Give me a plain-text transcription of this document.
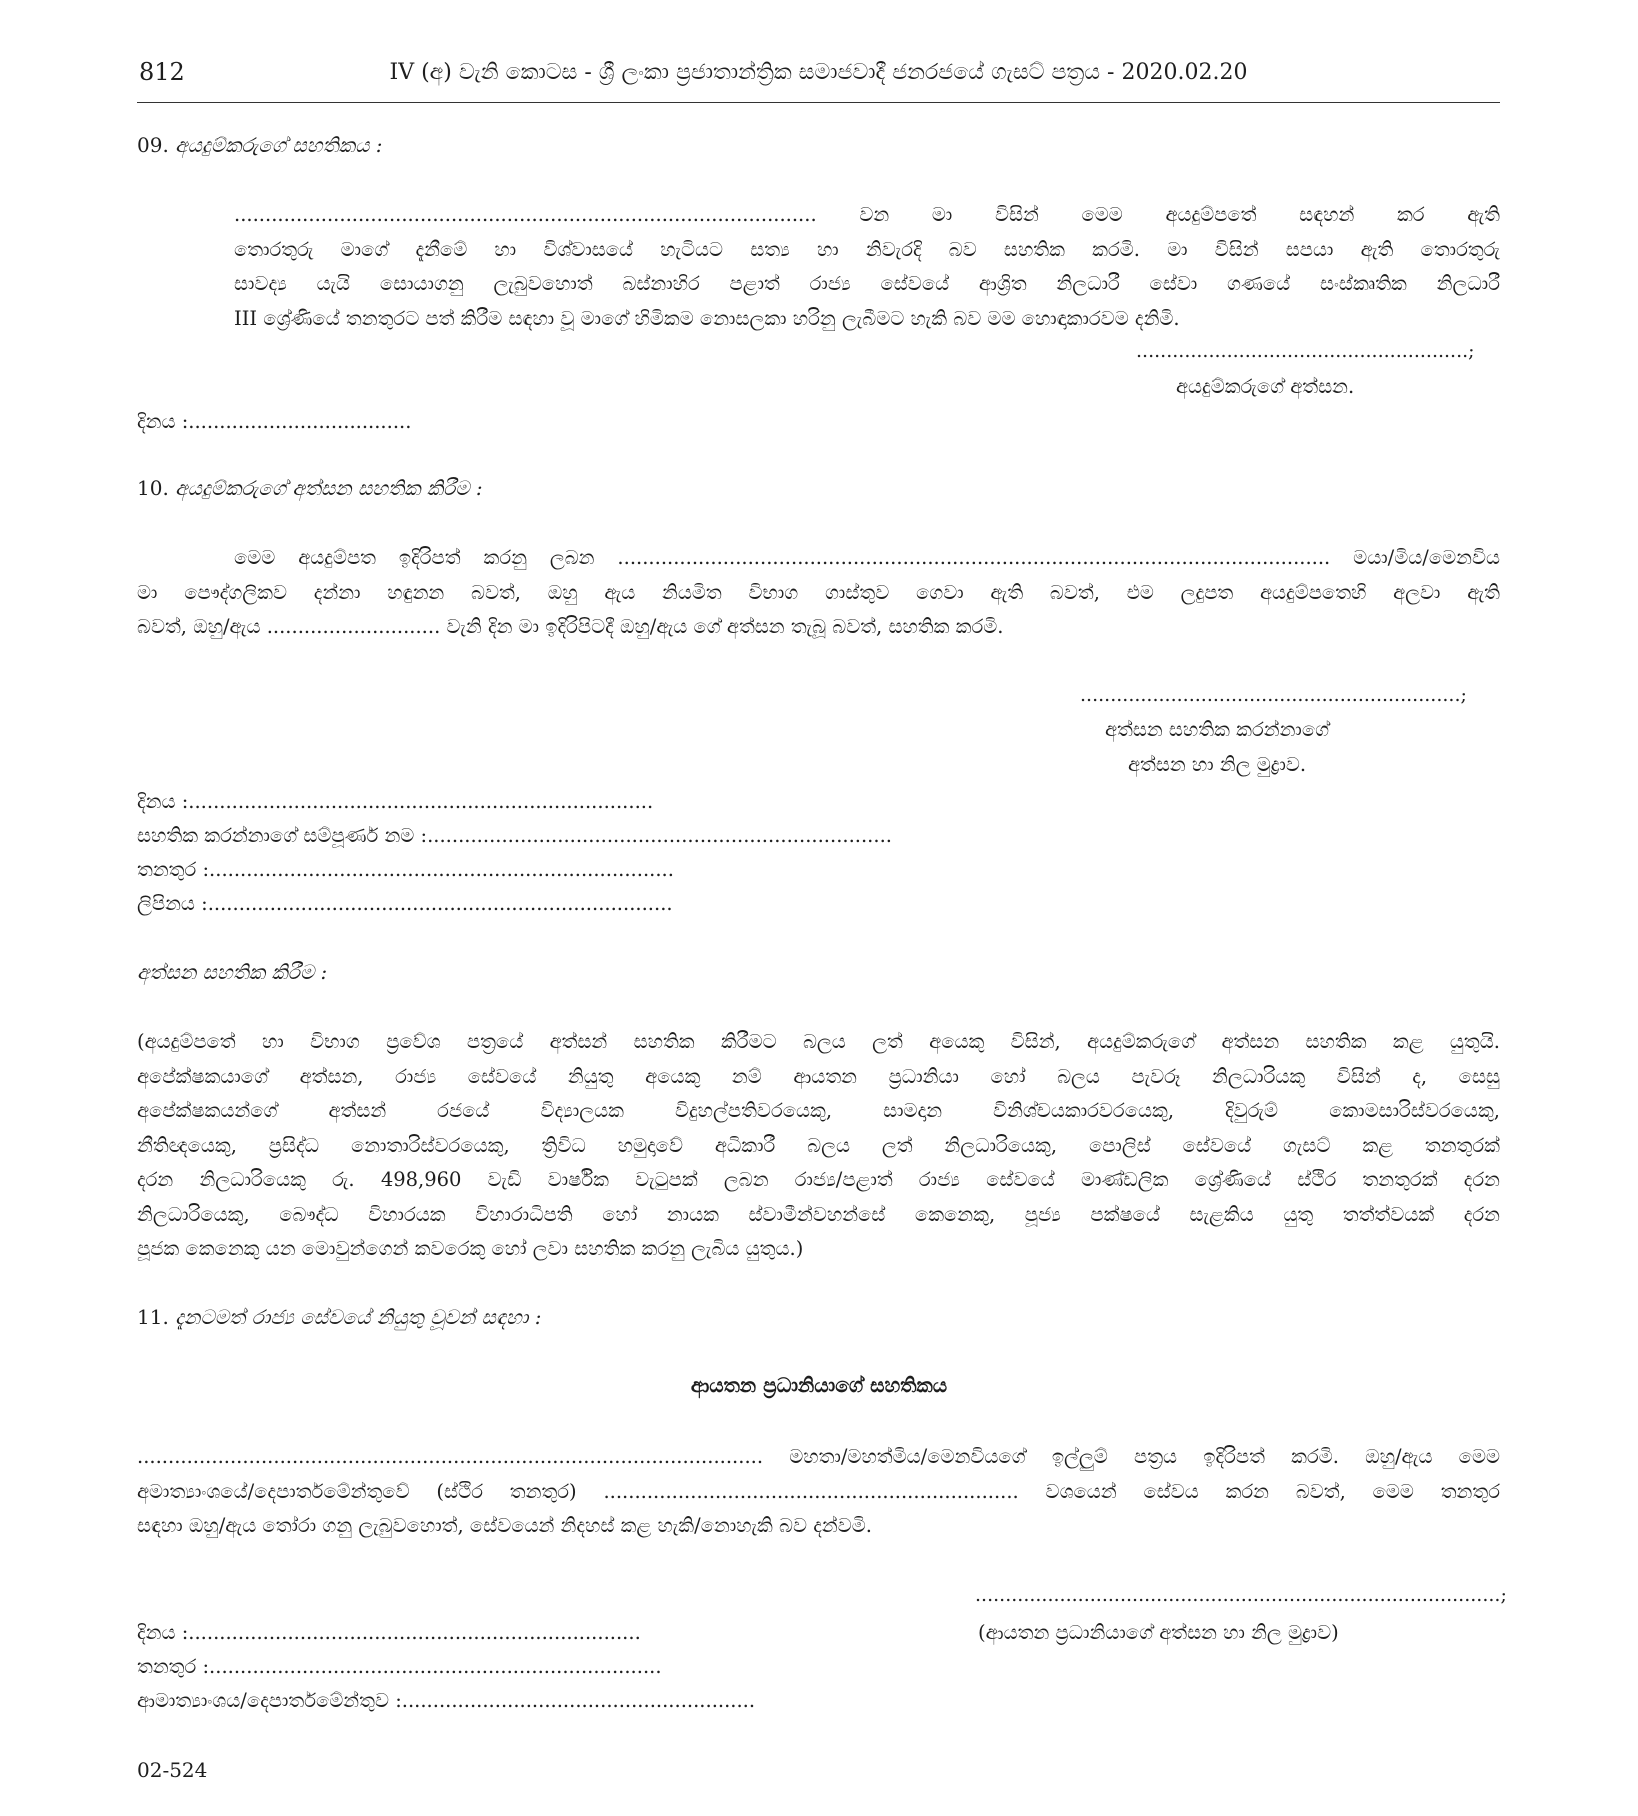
812	IV (අ) වැනි කොටස - ශ්‍රී ලංකා ප්‍රජාතාන්ත්‍රික සමාජවාදී ජනරජයේ ගැසට් පත්‍රය - 2020.02.20
09. අයදුම්කරුගේ සහතිකය :
.............................................................................................. වන මා විසින් මෙම අයදුම්පතේ සඳහන් කර ඇති
තොරතුරු මාගේ දැනීමේ හා විශ්වාසයේ හැටියට සත්‍ය හා නිවැරදි බව සහතික කරමි. මා විසින් සපයා ඇති තොරතුරු
සාවද්‍ය යැයි සොයාගනු ලැබුවහොත් බස්නාහිර පළාත් රාජ්‍ය සේවයේ ආශ්‍රිත නිලධාරී සේවා ගණයේ සංස්කෘතික නිලධාරී
III ශ්‍රේණියේ තනතුරට පත් කිරීම සඳහා වූ මාගේ හිමිකම නොසලකා හරිනු ලැබීමට හැකි බව මම හොඳාකාරවම දනිමි.
.......................................................;
අයදුම්කරුගේ අත්සන.
දිනය :....................................
10. අයදුම්කරුගේ අත්සන සහතික කිරීම :
මෙම අයදුම්පත ඉදිරිපත් කරනු ලබන ................................................................................................................... මයා/මිය/මෙනවිය
මා පෞද්ගලිකව දන්නා හඳුනන බවත්, ඔහු ඇය නියමිත විභාග ගාස්තුව ගෙවා ඇති බවත්, එම ලදුපත අයදුම්පතෙහි අලවා ඇති
බවත්, ඔහු/ඇය ............................ වැනි දින මා ඉදිරිපිටදී ඔහු/ඇය ගේ අත්සන තැබූ බවත්, සහතික කරමි.
...............................................................;
අත්සන සහතික කරන්නාගේ
අත්සන හා නිල මුද්‍රාව.
දිනය :...........................................................................
සහතික කරන්නාගේ සම්පූර්ණ නම :...........................................................................
තනතුර :...........................................................................
ලිපිනය :...........................................................................
අත්සන සහතික කිරීම :
(අයදුම්පතේ හා විභාග ප්‍රවේශ පත්‍රයේ අත්සන් සහතික කිරීමට බලය ලත් අයෙකු විසින්, අයදුම්කරුගේ අත්සන සහතික කළ යුතුයි.
අපේක්ෂකයාගේ අත්සන, රාජ්‍ය සේවයේ නියුතු අයෙකු නම් ආයතන ප්‍රධානියා හෝ බලය පැවරූ නිලධාරියකු විසින් ද, සෙසු
අපේක්ෂකයන්ගේ අත්සන් රජයේ විද්‍යාලයක විදුහල්පතිවරයෙකු, සාමදාන විනිශ්චයකාරවරයෙකු, දිවුරුම් කොමසාරිස්වරයෙකු,
නීතිඥයෙකු, ප්‍රසිද්ධ නොතාරිස්වරයෙකු, ත්‍රිවිධ හමුදාවේ අධිකාරී බලය ලත් නිලධාරියෙකු, පොලිස් සේවයේ ගැසට් කළ තනතුරක්
දරන නිලධාරියෙකු රු. 498,960 වැඩි වාර්ෂික වැටුපක් ලබන රාජ්‍ය/පළාත් රාජ්‍ය සේවයේ මාණ්ඩලික ශ්‍රේණියේ ස්ථිර තනතුරක් දරන
නිලධාරියෙකු, බෞද්ධ විහාරයක විහාරාධිපති හෝ නායක ස්වාමීන්වහන්සේ කෙනෙකු, පූජ්‍ය පක්ෂයේ සැළකිය යුතු තත්ත්වයක් දරන
පූජක කෙනෙකු යන මොවුන්ගෙන් කවරෙකු හෝ ලවා සහතික කරනු ලැබිය යුතුය.)
11. දැනටමත් රාජ්‍ය සේවයේ නියුතු වූවන් සඳහා :
ආයතන ප්‍රධානියාගේ සහතිකය
..................................................................................................... මහතා/මහත්මිය/මෙනවියගේ ඉල්ලුම් පත්‍රය ඉදිරිපත් කරමි. ඔහු/ඇය මෙම
අමාත්‍යාංශයේ/දෙපාර්තමේන්තුවේ (ස්ථිර තනතුර) ................................................................... වශයෙන් සේවය කරන බවත්, මෙම තනතුර
සඳහා ඔහු/ඇය තෝරා ගනු ලැබුවහොත්, සේවයෙන් නිදහස් කළ හැකි/නොහැකි බව දන්වමි.
.......................................................................................;
(ආයතන ප්‍රධානියාගේ අත්සන හා නිල මුද්‍රාව)
දිනය :.........................................................................
තනතුර :.........................................................................
ආමාත්‍යාංශය/දෙපාර්තමේන්තුව :.........................................................
02-524
